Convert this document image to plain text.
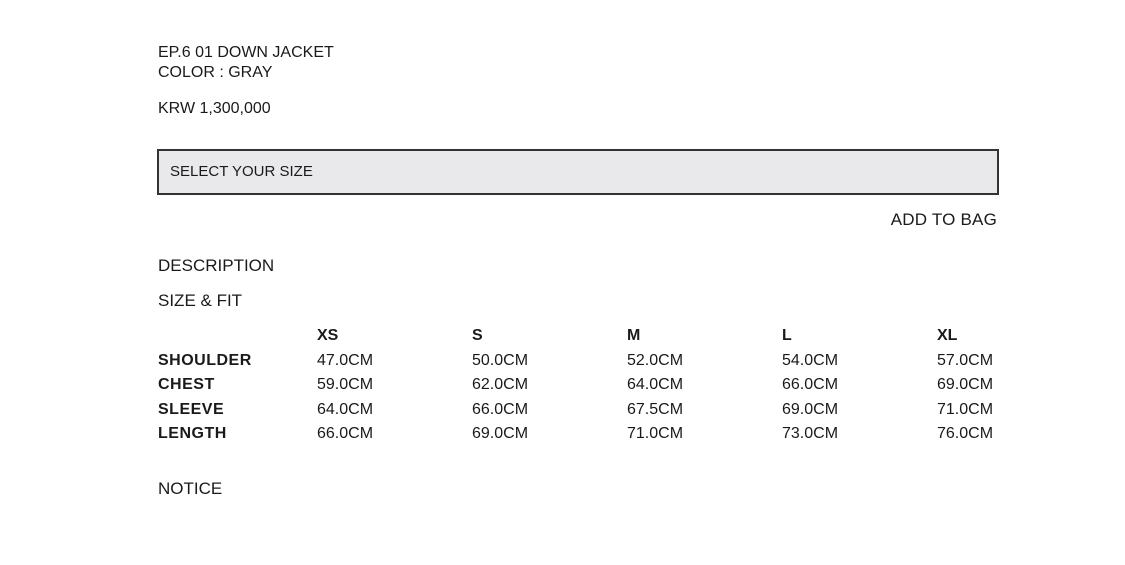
EP.6 01 DOWN JACKET
COLOR : GRAY
KRW 1,300,000
SELECT YOUR SIZE
ADD TO BAG
DESCRIPTION
SIZE & FIT
	XS	S	M	L	XL
SHOULDER	47.0CM	50.0CM	52.0CM	54.0CM	57.0CM
CHEST	59.0CM	62.0CM	64.0CM	66.0CM	69.0CM
SLEEVE	64.0CM	66.0CM	67.5CM	69.0CM	71.0CM
LENGTH	66.0CM	69.0CM	71.0CM	73.0CM	76.0CM
NOTICE
